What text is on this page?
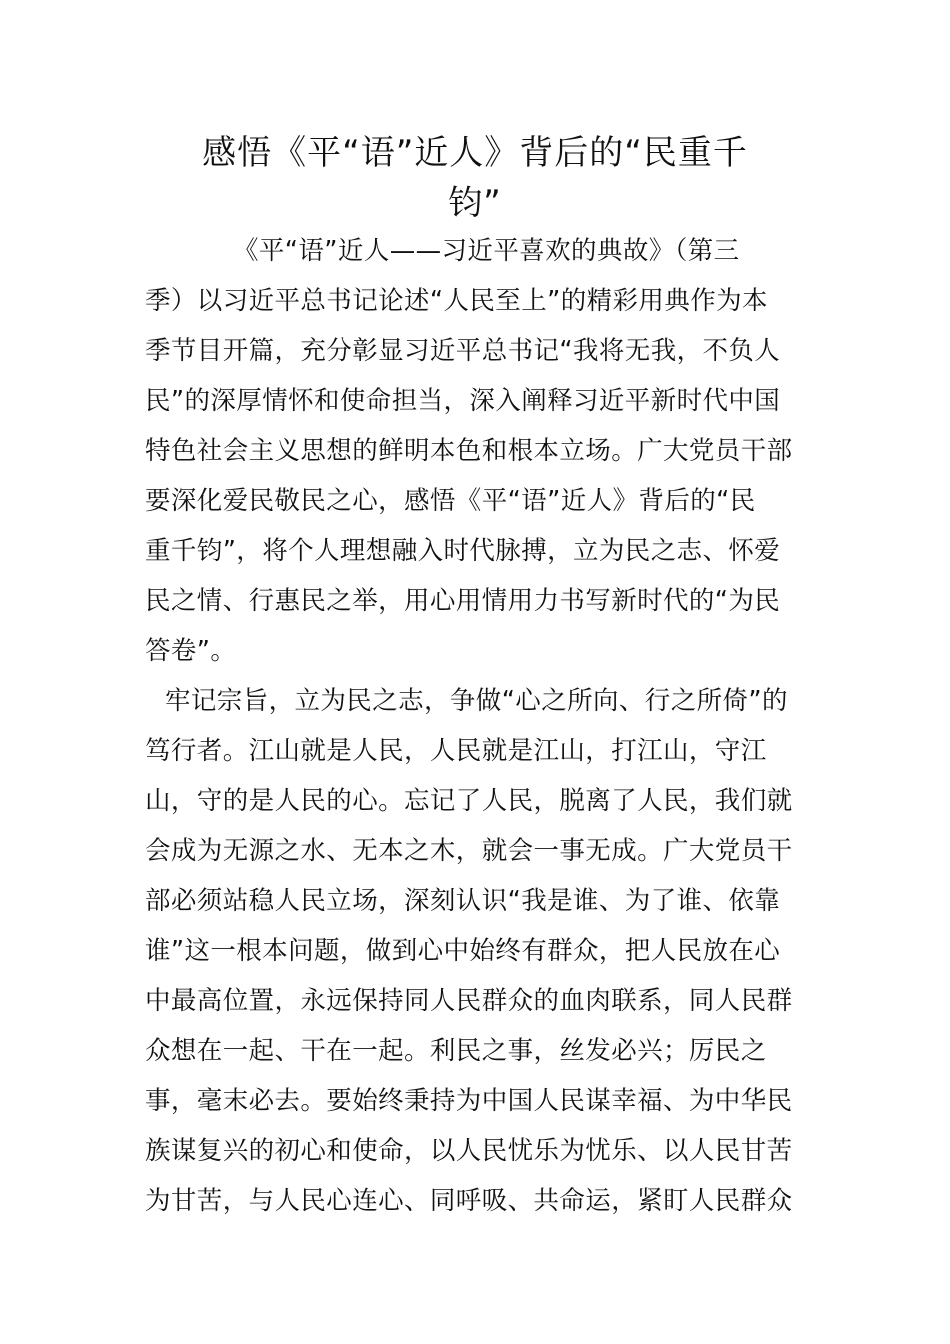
感悟《平“语”近人》背后的“民重千
钧”
《平“语”近人——习近平喜欢的典故》（第三
季）以习近平总书记论述“人民至上”的精彩用典作为本
季节目开篇，充分彰显习近平总书记“我将无我，不负人
民”的深厚情怀和使命担当，深入阐释习近平新时代中国
特色社会主义思想的鲜明本色和根本立场。广大党员干部
要深化爱民敬民之心，感悟《平“语”近人》背后的“民
重千钧”，将个人理想融入时代脉搏，立为民之志、怀爱
民之情、行惠民之举，用心用情用力书写新时代的“为民
答卷”。
牢记宗旨，立为民之志，争做“心之所向、行之所倚”的
笃行者。江山就是人民，人民就是江山，打江山，守江
山，守的是人民的心。忘记了人民，脱离了人民，我们就
会成为无源之水、无本之木，就会一事无成。广大党员干
部必须站稳人民立场，深刻认识“我是谁、为了谁、依靠
谁”这一根本问题，做到心中始终有群众，把人民放在心
中最高位置，永远保持同人民群众的血肉联系，同人民群
众想在一起、干在一起。利民之事，丝发必兴；厉民之
事，毫末必去。要始终秉持为中国人民谋幸福、为中华民
族谋复兴的初心和使命，以人民忧乐为忧乐、以人民甘苦
为甘苦，与人民心连心、同呼吸、共命运，紧盯人民群众
